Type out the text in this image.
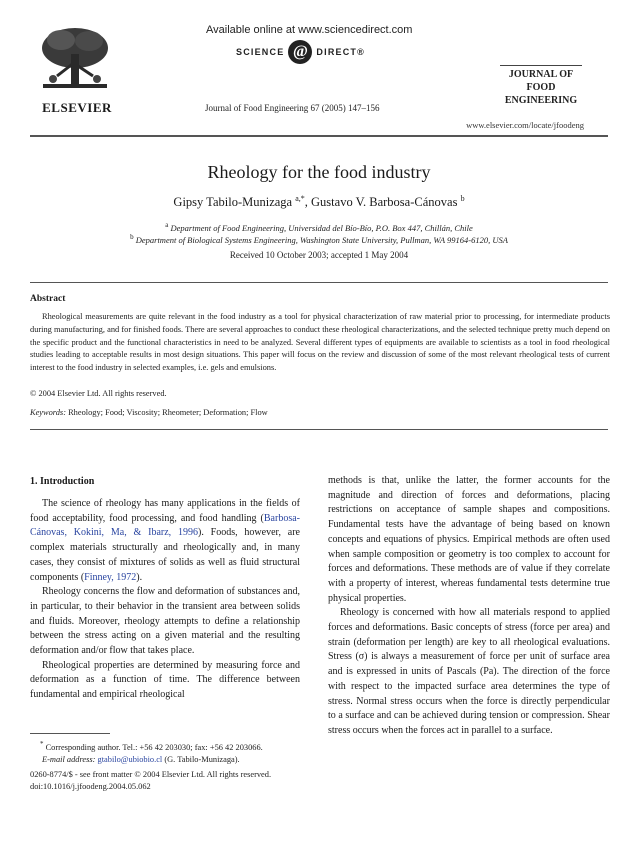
ELSEVIER
Available online at www.sciencedirect.com
SCIENCE @ DIRECT®
Journal of Food Engineering 67 (2005) 147–156
JOURNAL OF
FOOD
ENGINEERING
www.elsevier.com/locate/jfoodeng
Rheology for the food industry
Gipsy Tabilo-Munizaga $^{a,*}$, Gustavo V. Barbosa-Cánovas $^b$
$^a$ Department of Food Engineering, Universidad del Bío-Bío, P.O. Box 447, Chillán, Chile
$^b$ Department of Biological Systems Engineering, Washington State University, Pullman, WA 99164-6120, USA
Received 10 October 2003; accepted 1 May 2004
Abstract

Rheological measurements are quite relevant in the food industry as a tool for physical characterization of raw material prior to processing, for intermediate products during manufacturing, and for finished foods. There are several approaches to conduct these rheological characterizations, and the selected technique pretty much depend on the specific product and the functional characteristics in need to be analyzed. Several different types of equipments are available to scientists as a tool in food rheological studies leading to acceptable results in most design situations. This paper will focus on the review and discussion of some of the most relevant rheological tests of current interest to the food industry in selected examples, i.e. gels and emulsions.

© 2004 Elsevier Ltd. All rights reserved.
Keywords: Rheology; Food; Viscosity; Rheometer; Deformation; Flow
1. Introduction

The science of rheology has many applications in the fields of food acceptability, food processing, and food handling (Barbosa-Cánovas, Kokini, Ma, & Ibarz, 1996). Foods, however, are complex materials structurally and rheologically and, in many cases, they consist of mixtures of solids as well as fluid structural components (Finney, 1972).

Rheology concerns the flow and deformation of substances and, in particular, to their behavior in the transient area between solids and fluids. Moreover, rheology attempts to define a relationship between the stress acting on a given material and the resulting deformation and/or flow that takes place.

Rheological properties are determined by measuring force and deformation as a function of time. The difference between fundamental and empirical rheological

methods is that, unlike the latter, the former accounts for the magnitude and direction of forces and deformations, placing restrictions on acceptance of sample shapes and compositions. Fundamental tests have the advantage of being based on known concepts and equations of physics. Empirical methods are often used when sample composition or geometry is too complex to account for forces and deformations. These methods are of value if they correlate with a property of interest, whereas fundamental tests determine true physical properties.

Rheology is concerned with how all materials respond to applied forces and deformations. Basic concepts of stress (force per area) and strain (deformation per length) are key to all rheological evaluations. Stress (σ) is always a measurement of force per unit of surface area and is expressed in units of Pascals (Pa). The direction of the force with respect to the impacted surface area determines the type of stress. Normal stress occurs when the force is directly perpendicular to a surface and can be achieved during tension or compression. Shear stress occurs when the forces act in parallel to a surface.

* Corresponding author. Tel.: +56 42 203030; fax: +56 42 203066.
E-mail address: gtabilo@ubiobio.cl (G. Tabilo-Munizaga).
0260-8774/$ - see front matter © 2004 Elsevier Ltd. All rights reserved.
doi:10.1016/j.jfoodeng.2004.05.062
